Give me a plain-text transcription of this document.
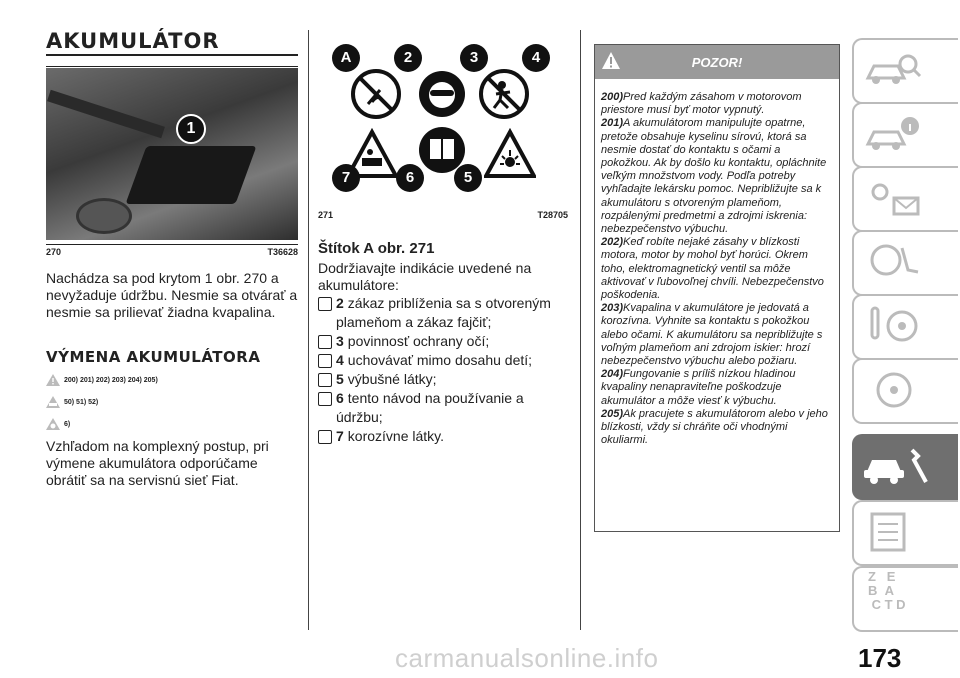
AKUMULÁTOR
1
270	T36628
Nachádza sa pod krytom 1 obr. 270 a nevyžaduje údržbu. Nesmie sa otvárať a nesmie sa prilievať žiadna kvapalina.
VÝMENA AKUMULÁTORA
200) 201) 202) 203) 204) 205)
50) 51) 52)
6)
Vzhľadom na komplexný postup, pri výmene akumulátora odporúčame obrátiť sa na servisnú sieť Fiat.
A	2	3	4
7	6	5
271	T28705
Štítok A obr. 271
Dodržiavajte indikácie uvedené na akumulátore:
2 zákaz priblíženia sa s otvoreným plameňom a zákaz fajčiť;
3 povinnosť ochrany očí;
4 uchovávať mimo dosahu detí;
5 výbušné látky;
6 tento návod na používanie a údržbu;
7 korozívne látky.
POZOR!
200)Pred každým zásahom v motorovom priestore musí byť motor vypnutý.
201)A akumulátorom manipulujte opatrne, pretože obsahuje kyselinu sírovú, ktorá sa nesmie dostať do kontaktu s očami a pokožkou. Ak by došlo ku kontaktu, opláchnite veľkým množstvom vody. Podľa potreby vyhľadajte lekársku pomoc. Nepribližujte sa k akumulátoru s otvoreným plameňom, rozpálenými predmetmi a zdrojmi iskrenia: nebezpečenstvo výbuchu.
202)Keď robíte nejaké zásahy v blízkosti motora, motor by mohol byť horúci. Okrem toho, elektromagnetický ventil sa môže aktivovať v ľubovoľnej chvíli. Nebezpečenstvo poškodenia.
203)Kvapalina v akumulátore je jedovatá a korozívna. Vyhnite sa kontaktu s pokožkou alebo očami. K akumulátoru sa nepribližujte s voľným plameňom ani zdrojom iskier: hrozí nebezpečenstvo výbuchu alebo požiaru.
204)Fungovanie s príliš nízkou hladinou kvapaliny nenapraviteľne poškodzuje akumulátor a môže viesť k výbuchu.
205)Ak pracujete s akumulátorom alebo v jeho blízkosti, vždy si chráňte oči vhodnými okuliarmi.
Z   E
B  A
C T D
173
carmanualsonline.info
